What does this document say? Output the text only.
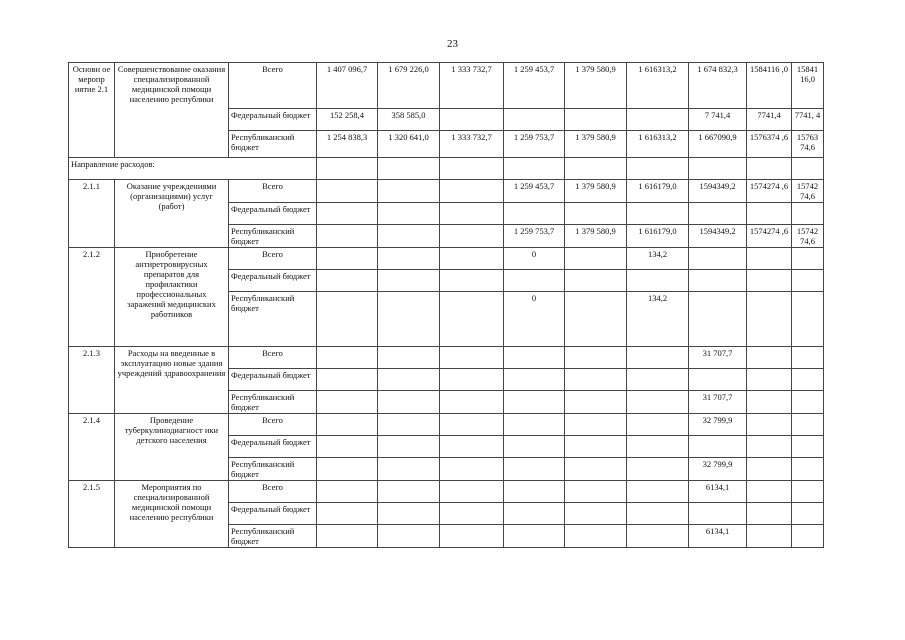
23
Основн ое меропр иятие 2.1	Совершенствование оказания специализированной медицинской помощи населению республики	Всего	1 407 096,7	1 679 226,0	1 333 732,7	1 259 453,7	1 379 580,9	1 616313,2	1 674 832,3	1584116 ,0	15841 16,0
		Федеральный бюджет	152 258,4	358 585,0					7 741,4	7741,4	7741, 4
		Республиканский бюджет	1 254 838,3	1 320 641,0	1 333 732,7	1 259 753,7	1 379 580,9	1 616313,2	1 667090,9	1576374 ,6	15763 74,6
Направление расходов:											
2.1.1	Оказание учреждениями (организациями) услуг (работ)	Всего				1 259 453,7	1 379 580,9	1 616179,0	1594349,2	1574274 ,6	15742 74,6
		Федеральный бюджет									
		Республиканский бюджет				1 259 753,7	1 379 580,9	1 616179,0	1594349,2	1574274 ,6	15742 74,6
2.1.2	Приобретение антиретровирусных препаратов для профилактики профессиональных заражений медицинских работников	Всего				0		134,2			
		Федеральный бюджет									
		Республиканский бюджет				0		134,2			
2.1.3	Расходы на введенные в эксплуатацию новые здания учреждений здравоохранения	Всего							31 707,7		
		Федеральный бюджет									
		Республиканский бюджет							31 707,7		
2.1.4	Проведение туберкулинодиагност ики детского населения	Всего							32 799,9		
		Федеральный бюджет									
		Республиканский бюджет							32 799,9		
2.1.5	Мероприятия по специализированной медицинской помощи населению республики	Всего							6134,1		
		Федеральный бюджет									
		Республиканский бюджет							6134,1		
